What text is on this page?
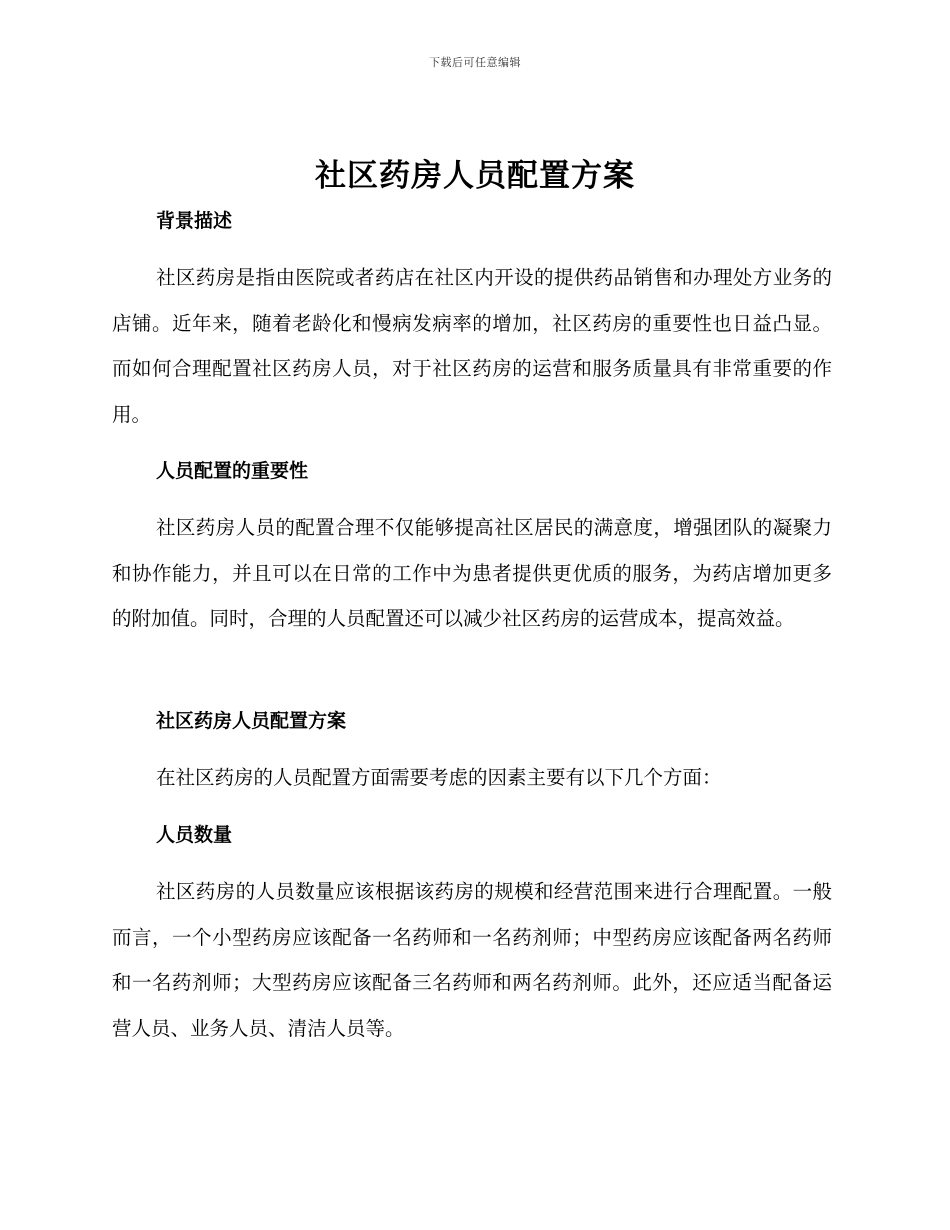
下载后可任意编辑
社区药房人员配置方案
背景描述

社区药房是指由医院或者药店在社区内开设的提供药品销售和办理处方业务的店铺。近年来，随着老龄化和慢病发病率的增加，社区药房的重要性也日益凸显。而如何合理配置社区药房人员，对于社区药房的运营和服务质量具有非常重要的作用。

人员配置的重要性

社区药房人员的配置合理不仅能够提高社区居民的满意度，增强团队的凝聚力和协作能力，并且可以在日常的工作中为患者提供更优质的服务，为药店增加更多的附加值。同时，合理的人员配置还可以减少社区药房的运营成本，提高效益。

社区药房人员配置方案

在社区药房的人员配置方面需要考虑的因素主要有以下几个方面：

人员数量

社区药房的人员数量应该根据该药房的规模和经营范围来进行合理配置。一般而言，一个小型药房应该配备一名药师和一名药剂师；中型药房应该配备两名药师和一名药剂师；大型药房应该配备三名药师和两名药剂师。此外，还应适当配备运营人员、业务人员、清洁人员等。
